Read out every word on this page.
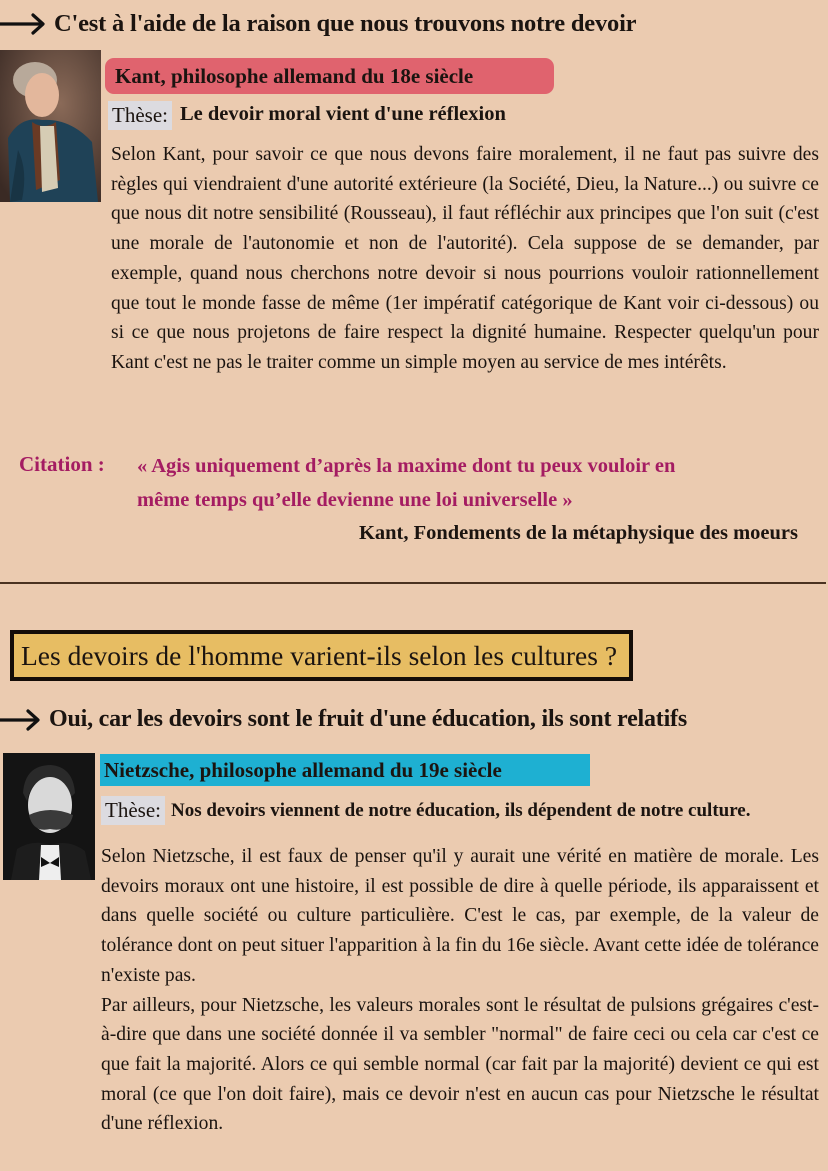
C'est à l'aide de la raison que nous trouvons notre devoir
Kant, philosophe allemand du 18e siècle
Thèse: Le devoir moral vient d'une réflexion

Selon Kant, pour savoir ce que nous devons faire moralement, il ne faut pas suivre des règles qui viendraient d'une autorité extérieure (la Société, Dieu, la Nature...) ou suivre ce que nous dit notre sensibilité (Rousseau), il faut réfléchir aux principes que l'on suit (c'est une morale de l'autonomie et non de l'autorité). Cela suppose de se demander, par exemple, quand nous cherchons notre devoir si nous pourrions vouloir rationnellement que tout le monde fasse de même (1er impératif catégorique de Kant voir ci-dessous) ou si ce que nous projetons de faire respect la dignité humaine. Respecter quelqu'un pour Kant c'est ne pas le traiter comme un simple moyen au service de mes intérêts.

Citation : « Agis uniquement d’après la maxime dont tu peux vouloir en
même temps qu’elle devienne une loi universelle »
Kant, Fondements de la métaphysique des moeurs
Les devoirs de l'homme varient-ils selon les cultures ?
Oui, car les devoirs sont le fruit d'une éducation, ils sont relatifs
Nietzsche, philosophe allemand du 19e siècle
Thèse: Nos devoirs viennent de notre éducation, ils dépendent de notre culture.

Selon Nietzsche, il est faux de penser qu'il y aurait une vérité en matière de morale. Les devoirs moraux ont une histoire, il est possible de dire à quelle période, ils apparaissent et dans quelle société ou culture particulière. C'est le cas, par exemple, de la valeur de tolérance dont on peut situer l'apparition à la fin du 16e siècle. Avant cette idée de tolérance n'existe pas.

Par ailleurs, pour Nietzsche, les valeurs morales sont le résultat de pulsions grégaires c'est-à-dire que dans une société donnée il va sembler "normal" de faire ceci ou cela car c'est ce que fait la majorité. Alors ce qui semble normal (car fait par la majorité) devient ce qui est moral (ce que l'on doit faire), mais ce devoir n'est en aucun cas pour Nietzsche le résultat d'une réflexion.
